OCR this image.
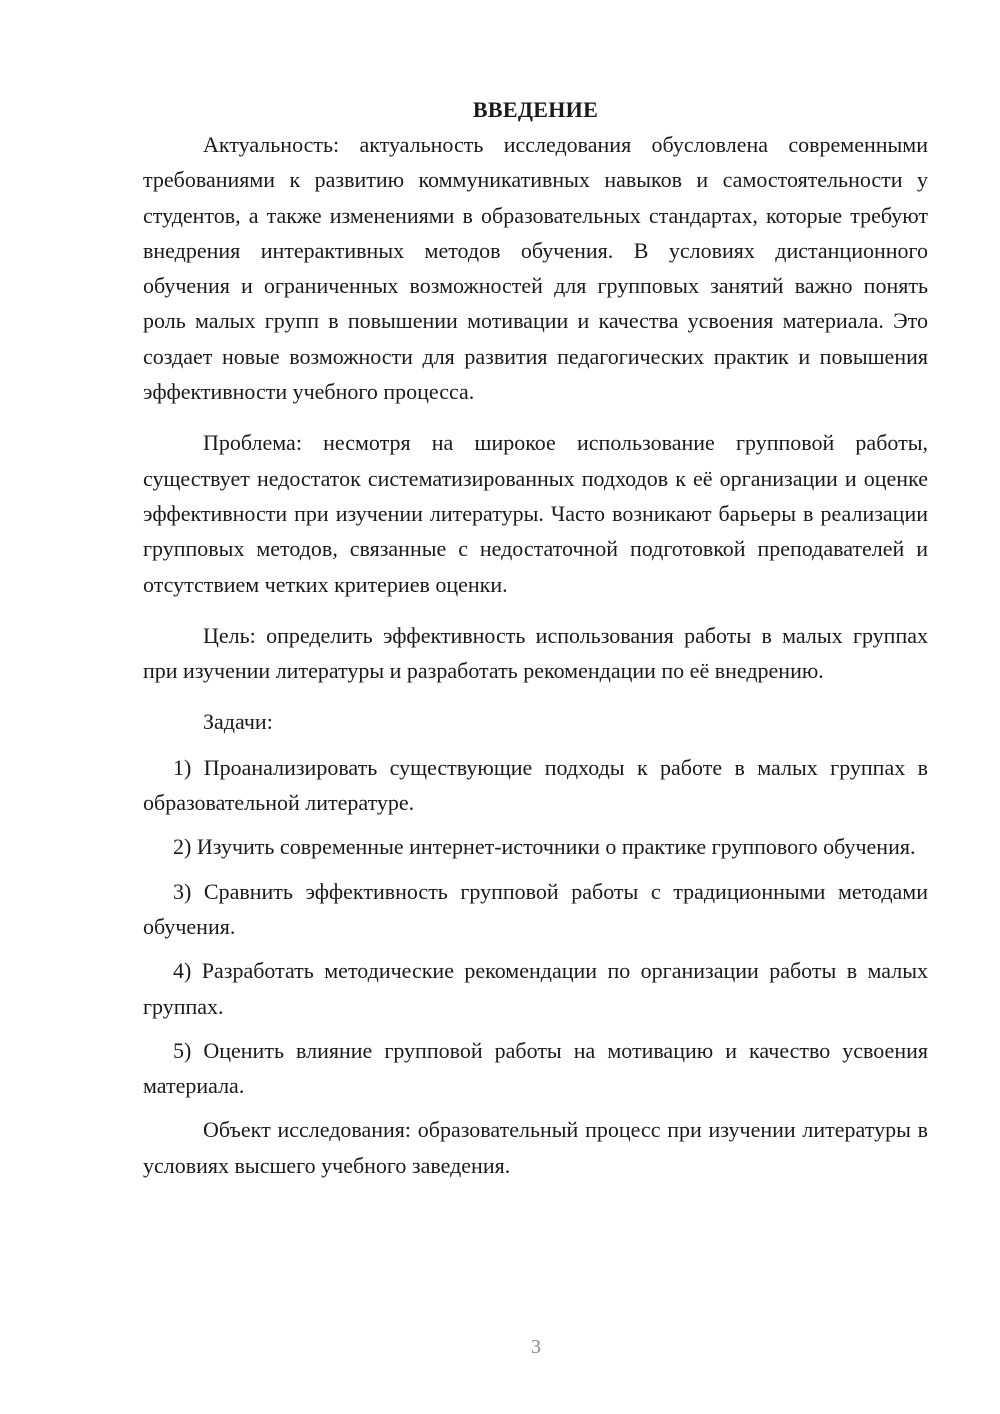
ВВЕДЕНИЕ

Актуальность: актуальность исследования обусловлена современными требованиями к развитию коммуникативных навыков и самостоятельности у студентов, а также изменениями в образовательных стандартах, которые требуют внедрения интерактивных методов обучения. В условиях дистанционного обучения и ограниченных возможностей для групповых занятий важно понять роль малых групп в повышении мотивации и качества усвоения материала. Это создает новые возможности для развития педагогических практик и повышения эффективности учебного процесса.

Проблема: несмотря на широкое использование групповой работы, существует недостаток систематизированных подходов к её организации и оценке эффективности при изучении литературы. Часто возникают барьеры в реализации групповых методов, связанные с недостаточной подготовкой преподавателей и отсутствием четких критериев оценки.

Цель: определить эффективность использования работы в малых группах при изучении литературы и разработать рекомендации по её внедрению.

Задачи:

1) Проанализировать существующие подходы к работе в малых группах в образовательной литературе.

2) Изучить современные интернет-источники о практике группового обучения.

3) Сравнить эффективность групповой работы с традиционными методами обучения.

4) Разработать методические рекомендации по организации работы в малых группах.

5) Оценить влияние групповой работы на мотивацию и качество усвоения материала.

Объект исследования: образовательный процесс при изучении литературы в условиях высшего учебного заведения.

3
